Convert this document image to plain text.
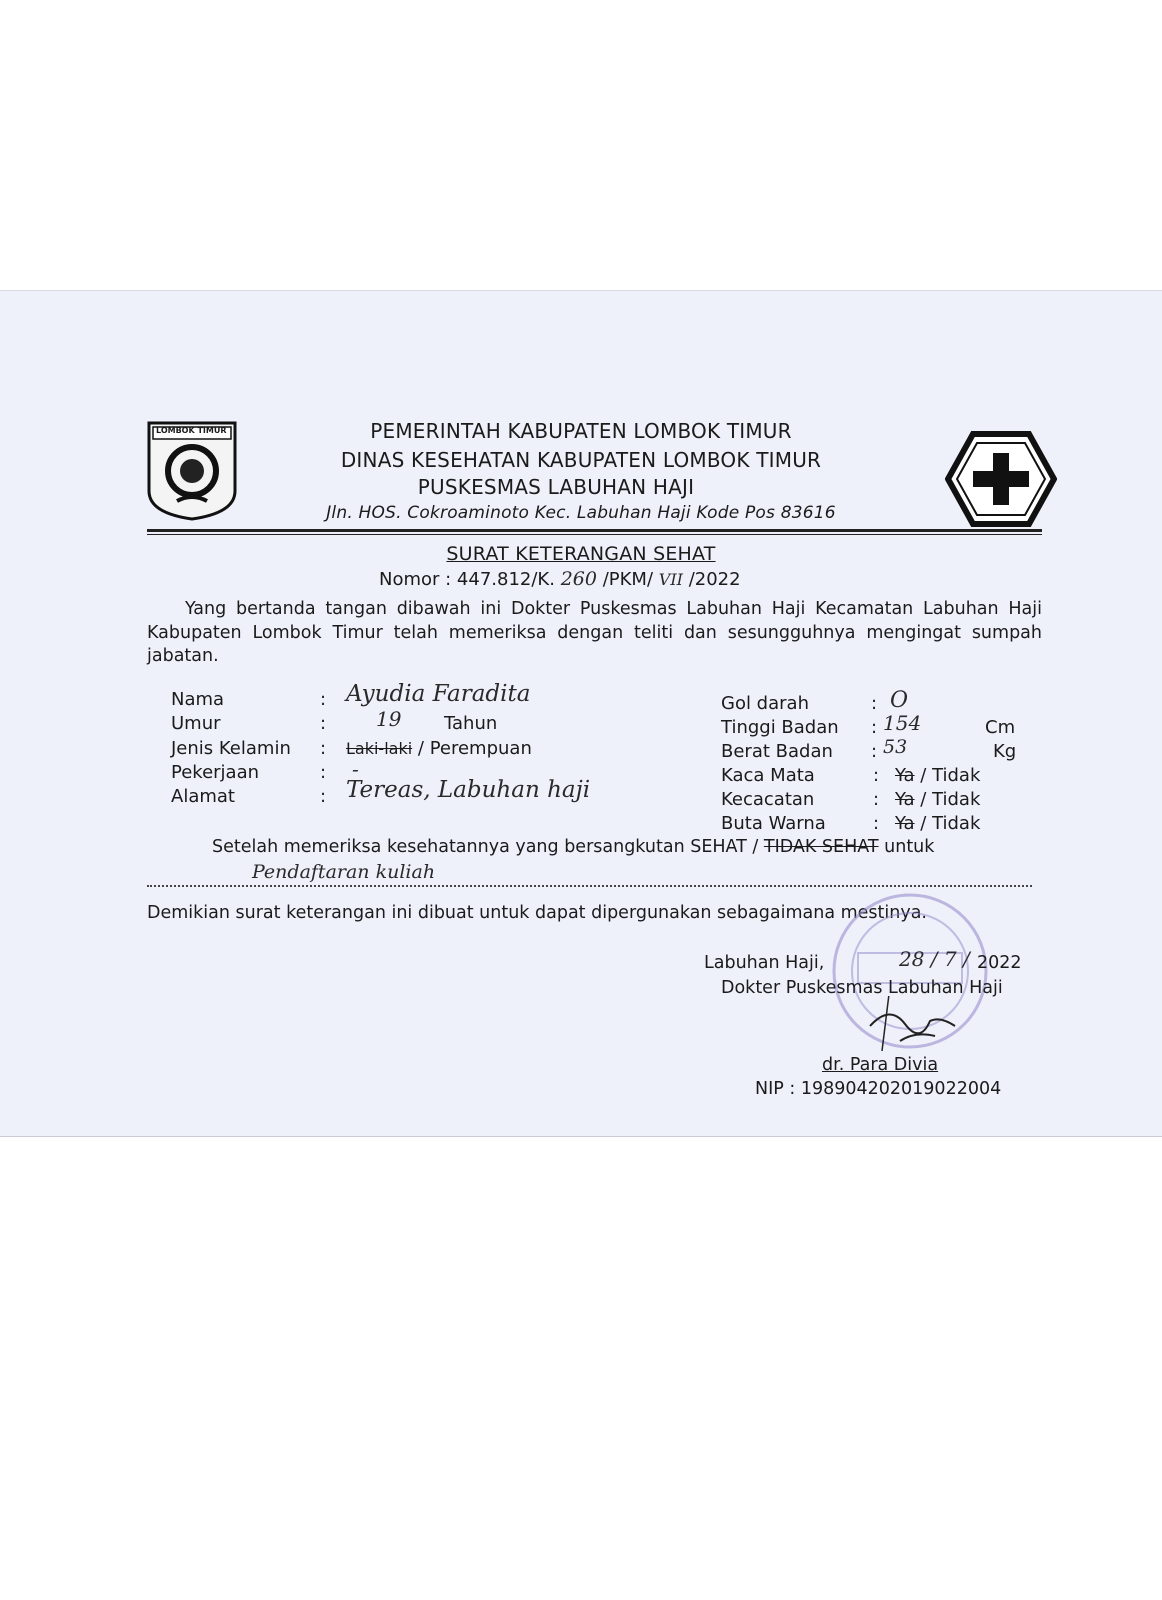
LOMBOK TIMUR	PEMERINTAH KABUPATEN LOMBOK TIMUR
DINAS KESEHATAN KABUPATEN LOMBOK TIMUR
PUSKESMAS LABUHAN HAJI
Jln. HOS. Cokroaminoto Kec. Labuhan Haji Kode Pos 83616
SURAT KETERANGAN SEHAT
Nomor : 447.812/K. 260 /PKM/ VII /2022
Yang bertanda tangan dibawah ini Dokter Puskesmas Labuhan Haji Kecamatan Labuhan Haji Kabupaten Lombok Timur telah memeriksa dengan teliti dan sesungguhnya mengingat sumpah jabatan.
Nama	: Ayudia Faradita
Umur	: 19 Tahun
Jenis Kelamin : Laki-laki / Perempuan
Pekerjaan	: -
Alamat	: Tereas, Labuhan haji
Gol darah	: O
Tinggi Badan : 154	Cm
Berat Badan : 53	Kg
Kaca Mata	: Ya / Tidak
Kecacatan	: Ya / Tidak
Buta Warna	: Ya / Tidak
Setelah memeriksa kesehatannya yang bersangkutan SEHAT / TIDAK SEHAT untuk
Pendaftaran kuliah
Demikian surat keterangan ini dibuat untuk dapat dipergunakan sebagaimana mestinya.
Labuhan Haji,	28 / 7 / 2022
Dokter Puskesmas Labuhan Haji
dr. Para Divia
NIP : 198904202019022004
